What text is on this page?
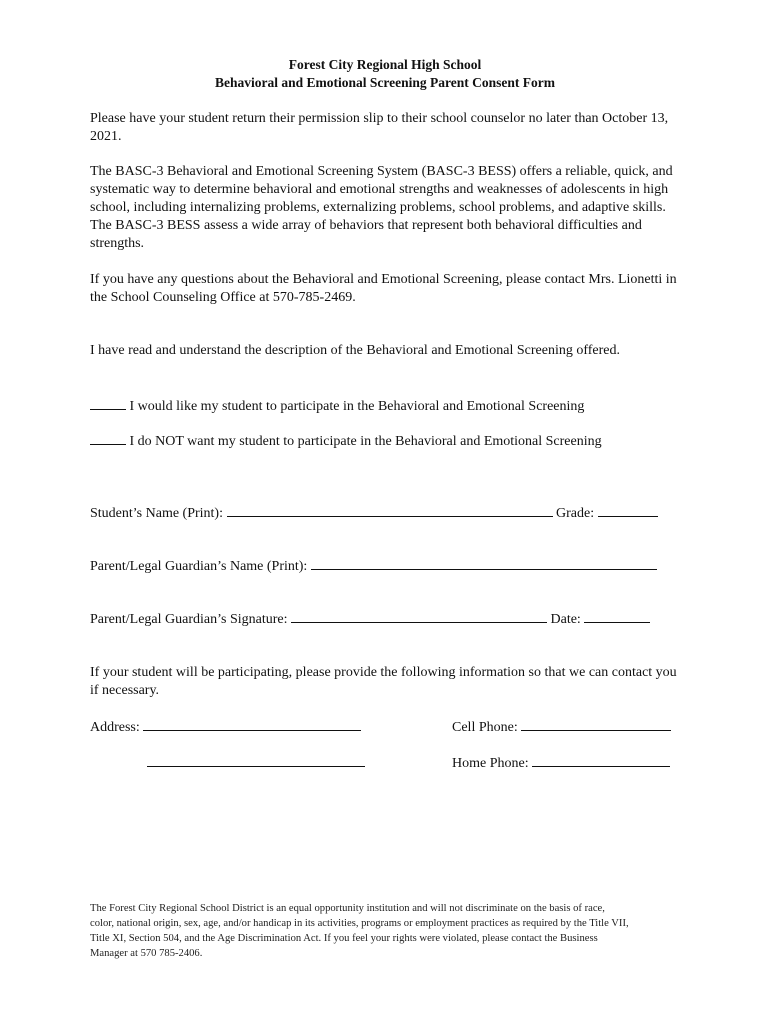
Forest City Regional High School
Behavioral and Emotional Screening Parent Consent Form
Please have your student return their permission slip to their school counselor no later than October 13, 2021.
The BASC-3 Behavioral and Emotional Screening System (BASC-3 BESS) offers a reliable, quick, and systematic way to determine behavioral and emotional strengths and weaknesses of adolescents in high school, including internalizing problems, externalizing problems, school problems, and adaptive skills. The BASC-3 BESS assess a wide array of behaviors that represent both behavioral difficulties and strengths.
If you have any questions about the Behavioral and Emotional Screening, please contact Mrs. Lionetti in the School Counseling Office at 570-785-2469.
I have read and understand the description of the Behavioral and Emotional Screening offered.
I would like my student to participate in the Behavioral and Emotional Screening
I do NOT want my student to participate in the Behavioral and Emotional Screening
Student’s Name (Print):	Grade:
Parent/Legal Guardian’s Name (Print):
Parent/Legal Guardian’s Signature:	Date:
If your student will be participating, please provide the following information so that we can contact you if necessary.
Address:	Cell Phone:
Home Phone:
The Forest City Regional School District is an equal opportunity institution and will not discriminate on the basis of race,
color, national origin, sex, age, and/or handicap in its activities, programs or employment practices as required by the Title VII,
Title XI, Section 504, and the Age Discrimination Act. If you feel your rights were violated, please contact the Business
Manager at 570 785-2406.
